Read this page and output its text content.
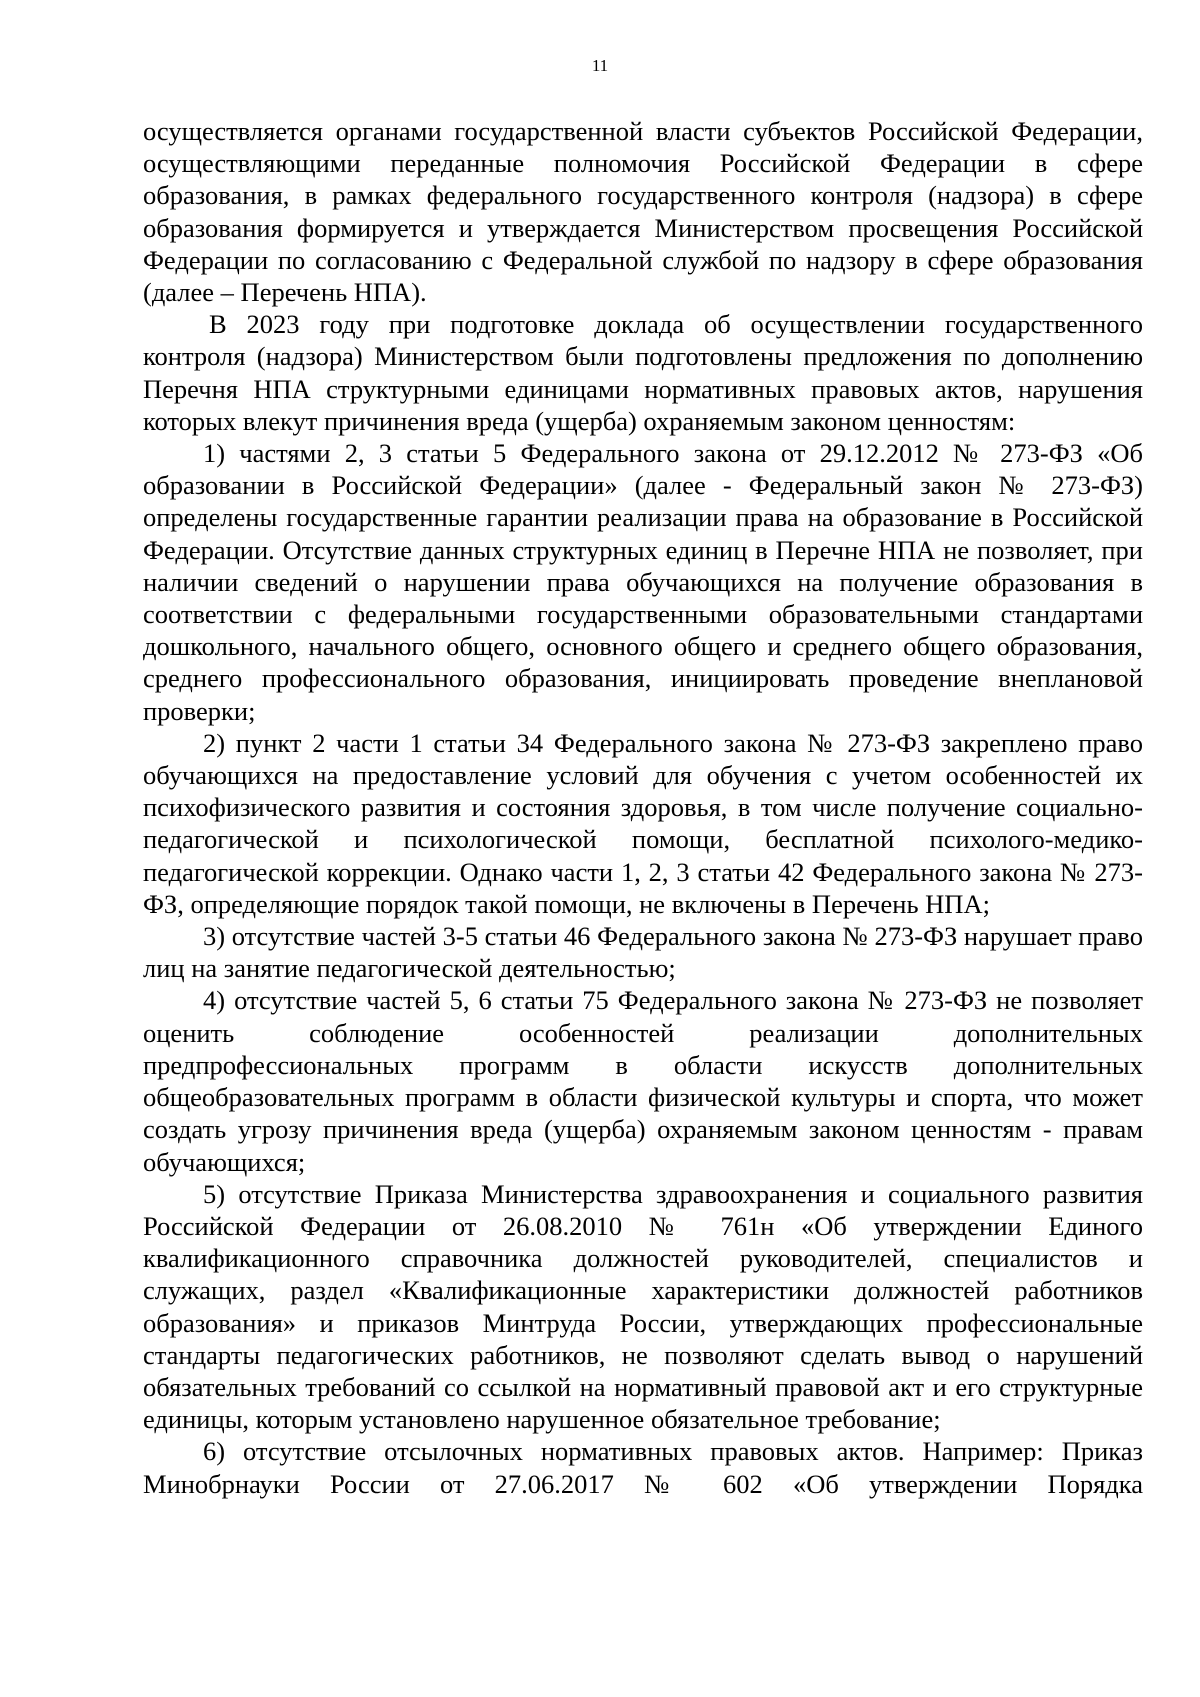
11

осуществляется органами государственной власти субъектов Российской Федерации, осуществляющими переданные полномочия Российской Федерации в сфере образования, в рамках федерального государственного контроля (надзора) в сфере образования формируется и утверждается Министерством просвещения Российской Федерации по согласованию с Федеральной службой по надзору в сфере образования (далее – Перечень НПА).

В 2023 году при подготовке доклада об осуществлении государственного контроля (надзора) Министерством были подготовлены предложения по дополнению Перечня НПА структурными единицами нормативных правовых актов, нарушения которых влекут причинения вреда (ущерба) охраняемым законом ценностям:

1) частями 2, 3 статьи 5 Федерального закона от 29.12.2012 № 273-ФЗ «Об образовании в Российской Федерации» (далее - Федеральный закон № 273-ФЗ) определены государственные гарантии реализации права на образование в Российской Федерации. Отсутствие данных структурных единиц в Перечне НПА не позволяет, при наличии сведений о нарушении права обучающихся на получение образования в соответствии с федеральными государственными образовательными стандартами дошкольного, начального общего, основного общего и среднего общего образования, среднего профессионального образования, инициировать проведение внеплановой проверки;

2) пункт 2 части 1 статьи 34 Федерального закона № 273-ФЗ закреплено право обучающихся на предоставление условий для обучения с учетом особенностей их психофизического развития и состояния здоровья, в том числе получение социально-педагогической и психологической помощи, бесплатной психолого-медико-педагогической коррекции. Однако части 1, 2, 3 статьи 42 Федерального закона № 273-ФЗ, определяющие порядок такой помощи, не включены в Перечень НПА;

3) отсутствие частей 3-5 статьи 46 Федерального закона № 273-ФЗ нарушает право лиц на занятие педагогической деятельностью;

4) отсутствие частей 5, 6 статьи 75 Федерального закона № 273-ФЗ не позволяет оценить соблюдение особенностей реализации дополнительных предпрофессиональных программ в области искусств дополнительных общеобразовательных программ в области физической культуры и спорта, что может создать угрозу причинения вреда (ущерба) охраняемым законом ценностям - правам обучающихся;

5) отсутствие Приказа Министерства здравоохранения и социального развития Российской Федерации от 26.08.2010 № 761н «Об утверждении Единого квалификационного справочника должностей руководителей, специалистов и служащих, раздел «Квалификационные характеристики должностей работников образования» и приказов Минтруда России, утверждающих профессиональные стандарты педагогических работников, не позволяют сделать вывод о нарушений обязательных требований со ссылкой на нормативный правовой акт и его структурные единицы, которым установлено нарушенное обязательное требование;

6) отсутствие отсылочных нормативных правовых актов. Например: Приказ Минобрнауки России от 27.06.2017 № 602 «Об утверждении Порядка
